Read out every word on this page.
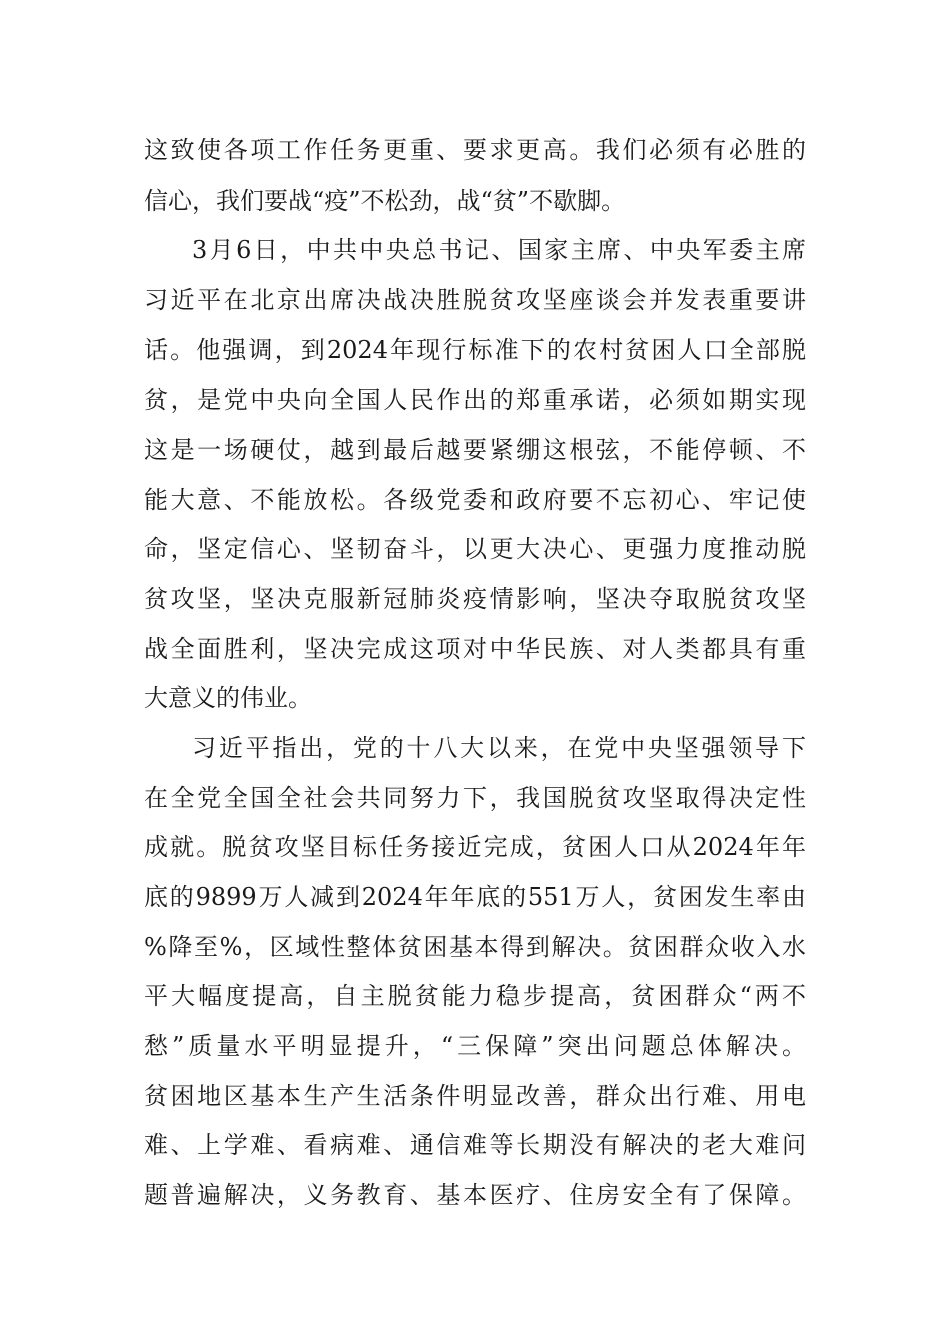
这致使各项工作任务更重、要求更高。我们必须有必胜的
信心，我们要战“疫”不松劲，战“贫”不歇脚。
3月6日，中共中央总书记、国家主席、中央军委主席
习近平在北京出席决战决胜脱贫攻坚座谈会并发表重要讲
话。他强调，到2024年现行标准下的农村贫困人口全部脱
贫，是党中央向全国人民作出的郑重承诺，必须如期实现
这是一场硬仗，越到最后越要紧绷这根弦，不能停顿、不
能大意、不能放松。各级党委和政府要不忘初心、牢记使
命，坚定信心、坚韧奋斗，以更大决心、更强力度推动脱
贫攻坚，坚决克服新冠肺炎疫情影响，坚决夺取脱贫攻坚
战全面胜利，坚决完成这项对中华民族、对人类都具有重
大意义的伟业。
习近平指出，党的十八大以来，在党中央坚强领导下
在全党全国全社会共同努力下，我国脱贫攻坚取得决定性
成就。脱贫攻坚目标任务接近完成，贫困人口从2024年年
底的9899万人减到2024年年底的551万人，贫困发生率由
%降至%，区域性整体贫困基本得到解决。贫困群众收入水
平大幅度提高，自主脱贫能力稳步提高，贫困群众“两不
愁”质量水平明显提升，“三保障”突出问题总体解决。
贫困地区基本生产生活条件明显改善，群众出行难、用电
难、上学难、看病难、通信难等长期没有解决的老大难问
题普遍解决，义务教育、基本医疗、住房安全有了保障。
